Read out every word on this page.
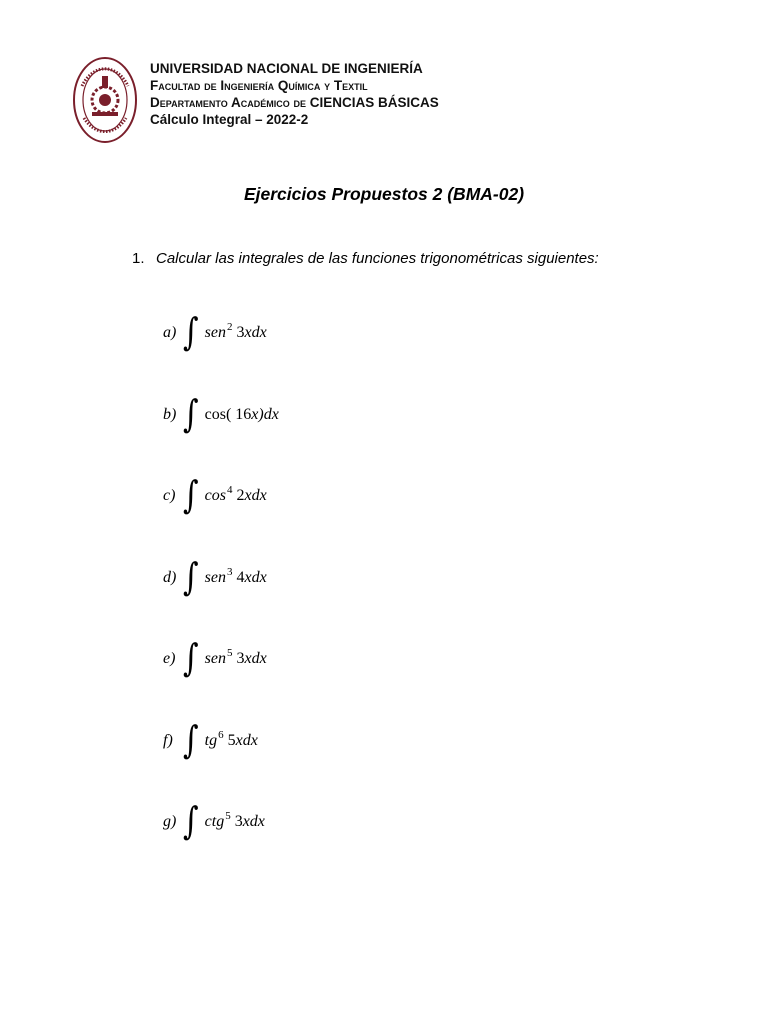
UNIVERSIDAD NACIONAL DE INGENIERÍA
Facultad de Ingeniería Química y Textil
Departamento Académico de CIENCIAS BÁSICAS
Cálculo Integral – 2022-2
Ejercicios Propuestos 2 (BMA-02)
1. Calcular las integrales de las funciones trigonométricas siguientes:
a) ∫ sen 2 3 x dx
b) ∫ cos( 16 x )dx
c) ∫ cos 4 2 x dx
d) ∫ sen 3 4 x dx
e) ∫ sen 5 3 x dx
f) ∫ tg 6 5 x dx
g) ∫ ctg 5 3 x dx
